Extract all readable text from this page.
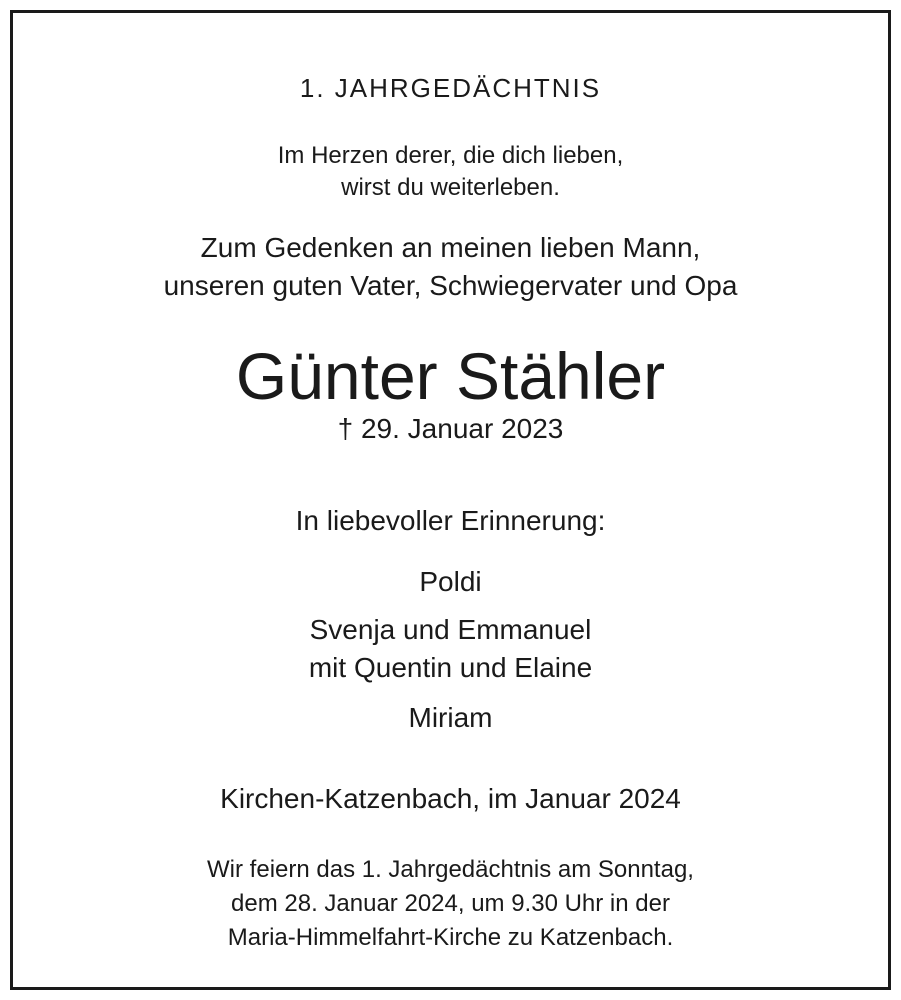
1. JAHRGEDÄCHTNIS
Im Herzen derer, die dich lieben,
wirst du weiterleben.
Zum Gedenken an meinen lieben Mann,
unseren guten Vater, Schwiegervater und Opa
Günter Stähler
† 29. Januar 2023
In liebevoller Erinnerung:
Poldi
Svenja und Emmanuel
mit Quentin und Elaine
Miriam
Kirchen-Katzenbach, im Januar 2024
Wir feiern das 1. Jahrgedächtnis am Sonntag,
dem 28. Januar 2024, um 9.30 Uhr in der
Maria-Himmelfahrt-Kirche zu Katzenbach.
